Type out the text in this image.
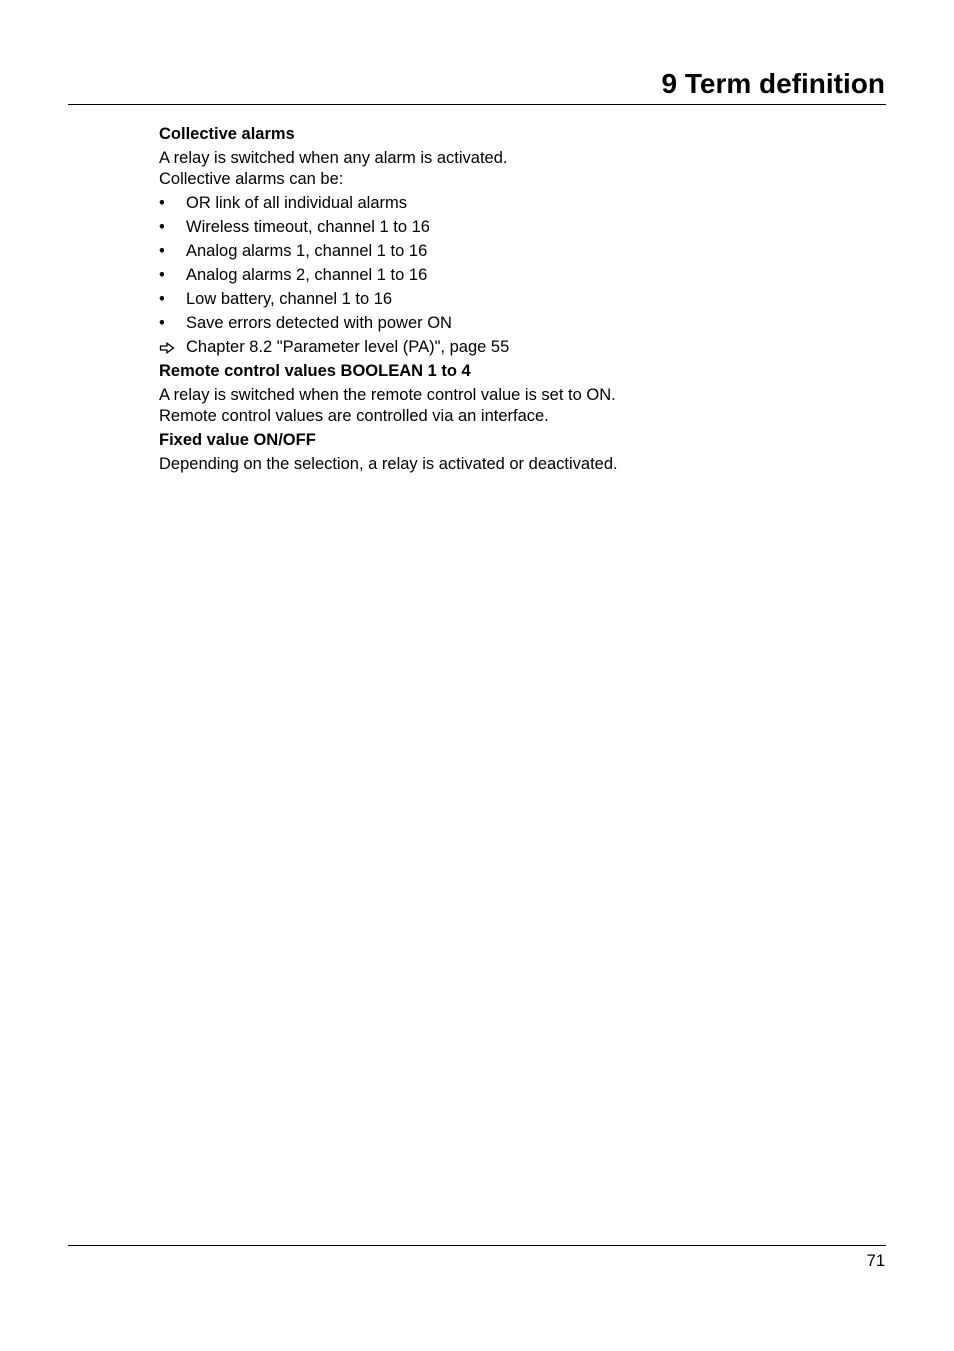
9 Term definition
Collective alarms
A relay is switched when any alarm is activated.
Collective alarms can be:
• OR link of all individual alarms
• Wireless timeout, channel 1 to 16
• Analog alarms 1, channel 1 to 16
• Analog alarms 2, channel 1 to 16
• Low battery, channel 1 to 16
• Save errors detected with power ON
Chapter 8.2 "Parameter level (PA)", page 55
Remote control values BOOLEAN 1 to 4
A relay is switched when the remote control value is set to ON.
Remote control values are controlled via an interface.
Fixed value ON/OFF
Depending on the selection, a relay is activated or deactivated.
71
